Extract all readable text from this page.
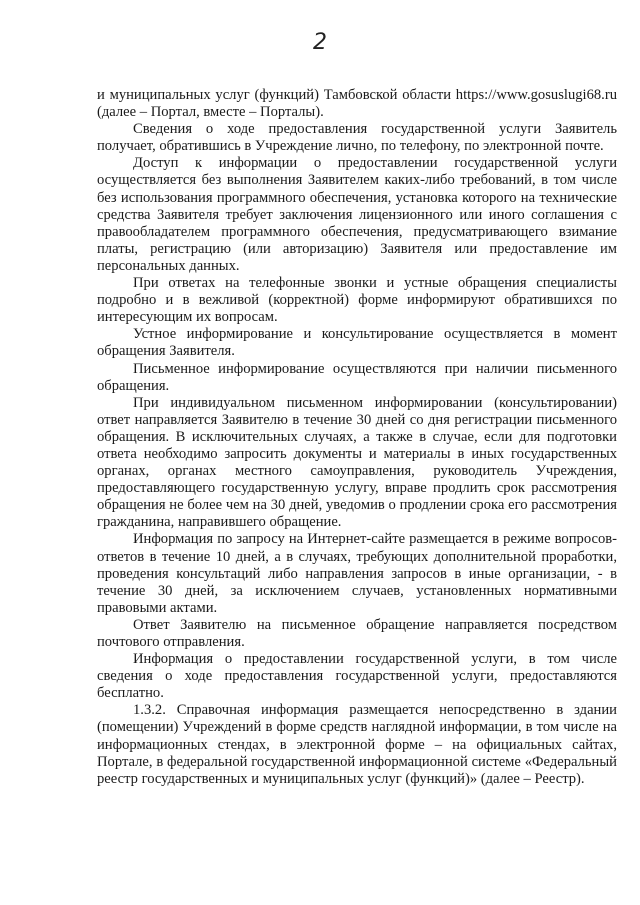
2

и муниципальных услуг (функций) Тамбовской области https://www.gosuslugi68.ru (далее – Портал, вместе – Порталы).

Сведения о ходе предоставления государственной услуги Заявитель получает, обратившись в Учреждение лично, по телефону, по электронной почте.

Доступ к информации о предоставлении государственной услуги осуществляется без выполнения Заявителем каких-либо требований, в том числе без использования программного обеспечения, установка которого на технические средства Заявителя требует заключения лицензионного или иного соглашения с правообладателем программного обеспечения, предусматривающего взимание платы, регистрацию (или авторизацию) Заявителя или предоставление им персональных данных.

При ответах на телефонные звонки и устные обращения специалисты подробно и в вежливой (корректной) форме информируют обратившихся по интересующим их вопросам.

Устное информирование и консультирование осуществляется в момент обращения Заявителя.

Письменное информирование осуществляются при наличии письменного обращения.

При индивидуальном письменном информировании (консультировании) ответ направляется Заявителю в течение 30 дней со дня регистрации письменного обращения. В исключительных случаях, а также в случае, если для подготовки ответа необходимо запросить документы и материалы в иных государственных органах, органах местного самоуправления, руководитель Учреждения, предоставляющего государственную услугу, вправе продлить срок рассмотрения обращения не более чем на 30 дней, уведомив о продлении срока его рассмотрения гражданина, направившего обращение.

Информация по запросу на Интернет-сайте размещается в режиме вопросов-ответов в течение 10 дней, а в случаях, требующих дополнительной проработки, проведения консультаций либо направления запросов в иные организации, - в течение 30 дней, за исключением случаев, установленных нормативными правовыми актами.

Ответ Заявителю на письменное обращение направляется посредством почтового отправления.

Информация о предоставлении государственной услуги, в том числе сведения о ходе предоставления государственной услуги, предоставляются бесплатно.

1.3.2. Справочная информация размещается непосредственно в здании (помещении) Учреждений в форме средств наглядной информации, в том числе на информационных стендах, в электронной форме – на официальных сайтах, Портале, в федеральной государственной информационной системе «Федеральный реестр государственных и муниципальных услуг (функций)» (далее – Реестр).
